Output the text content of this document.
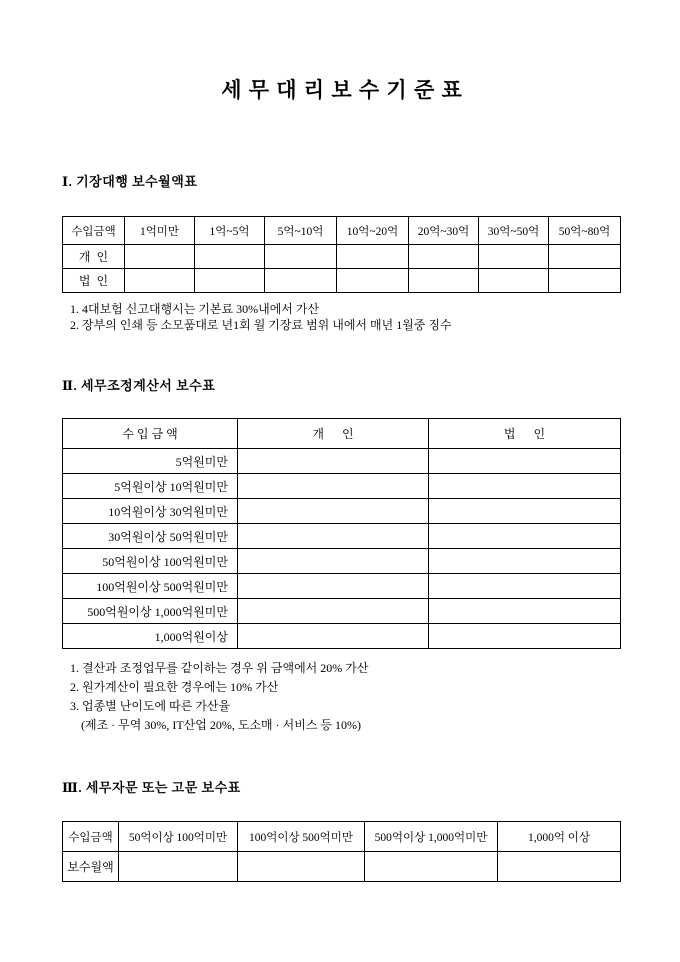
세 무 대 리 보 수 기 준 표
Ⅰ. 기장대행 보수월액표
수입금액	1억미만	1억~5억	5억~10억	10억~20억	20억~30억	30억~50억	50억~80억
개  인							
법  인							
1. 4대보험 신고대행시는 기본료 30%내에서 가산
2. 장부의 인쇄 등 소모품대로 년1회 월 기장료 범위 내에서 매년 1월중 징수
Ⅱ. 세무조정계산서 보수표
수 입 금 액	개      인	법      인
5억원미만		
5억원이상 10억원미만		
10억원이상 30억원미만		
30억원이상 50억원미만		
50억원이상 100억원미만		
100억원이상 500억원미만		
500억원이상 1,000억원미만		
1,000억원이상		
1. 결산과 조정업무를 같이하는 경우 위 금액에서 20% 가산
2. 원가계산이 필요한 경우에는 10% 가산
3. 업종별 난이도에 따른 가산율
(제조 · 무역 30%, IT산업 20%, 도소매 · 서비스 등 10%)
Ⅲ. 세무자문 또는 고문 보수표
수입금액	50억이상 100억미만	100억이상 500억미만	500억이상 1,000억미만	1,000억 이상
보수월액				
